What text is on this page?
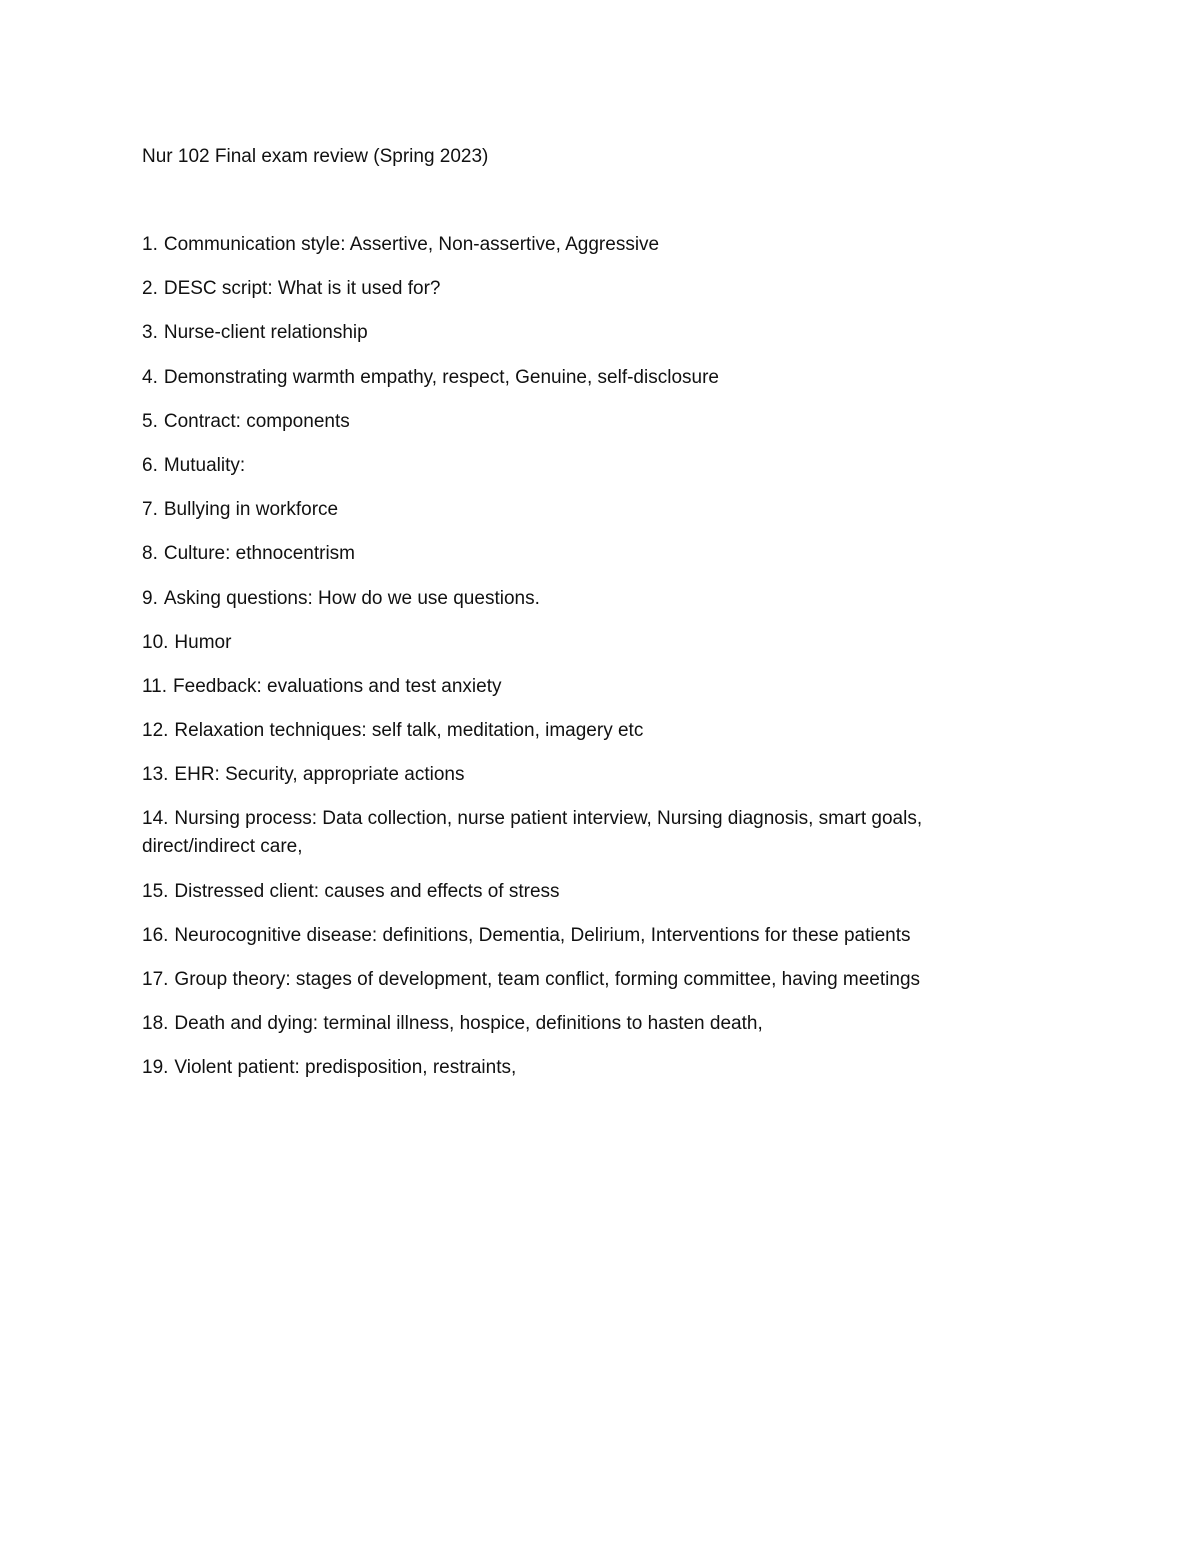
Nur 102 Final exam review (Spring 2023)
1. Communication style: Assertive, Non-assertive, Aggressive
2. DESC script: What is it used for?
3. Nurse-client relationship
4. Demonstrating warmth empathy, respect, Genuine, self-disclosure
5. Contract: components
6. Mutuality:
7. Bullying in workforce
8. Culture: ethnocentrism
9. Asking questions: How do we use questions.
10. Humor
11. Feedback: evaluations and test anxiety
12. Relaxation techniques: self talk, meditation, imagery etc
13. EHR: Security, appropriate actions
14. Nursing process: Data collection, nurse patient interview, Nursing diagnosis, smart goals, direct/indirect care,
15. Distressed client: causes and effects of stress
16. Neurocognitive disease: definitions, Dementia, Delirium, Interventions for these patients
17. Group theory: stages of development, team conflict, forming committee, having meetings
18. Death and dying: terminal illness, hospice, definitions to hasten death,
19. Violent patient: predisposition, restraints,
